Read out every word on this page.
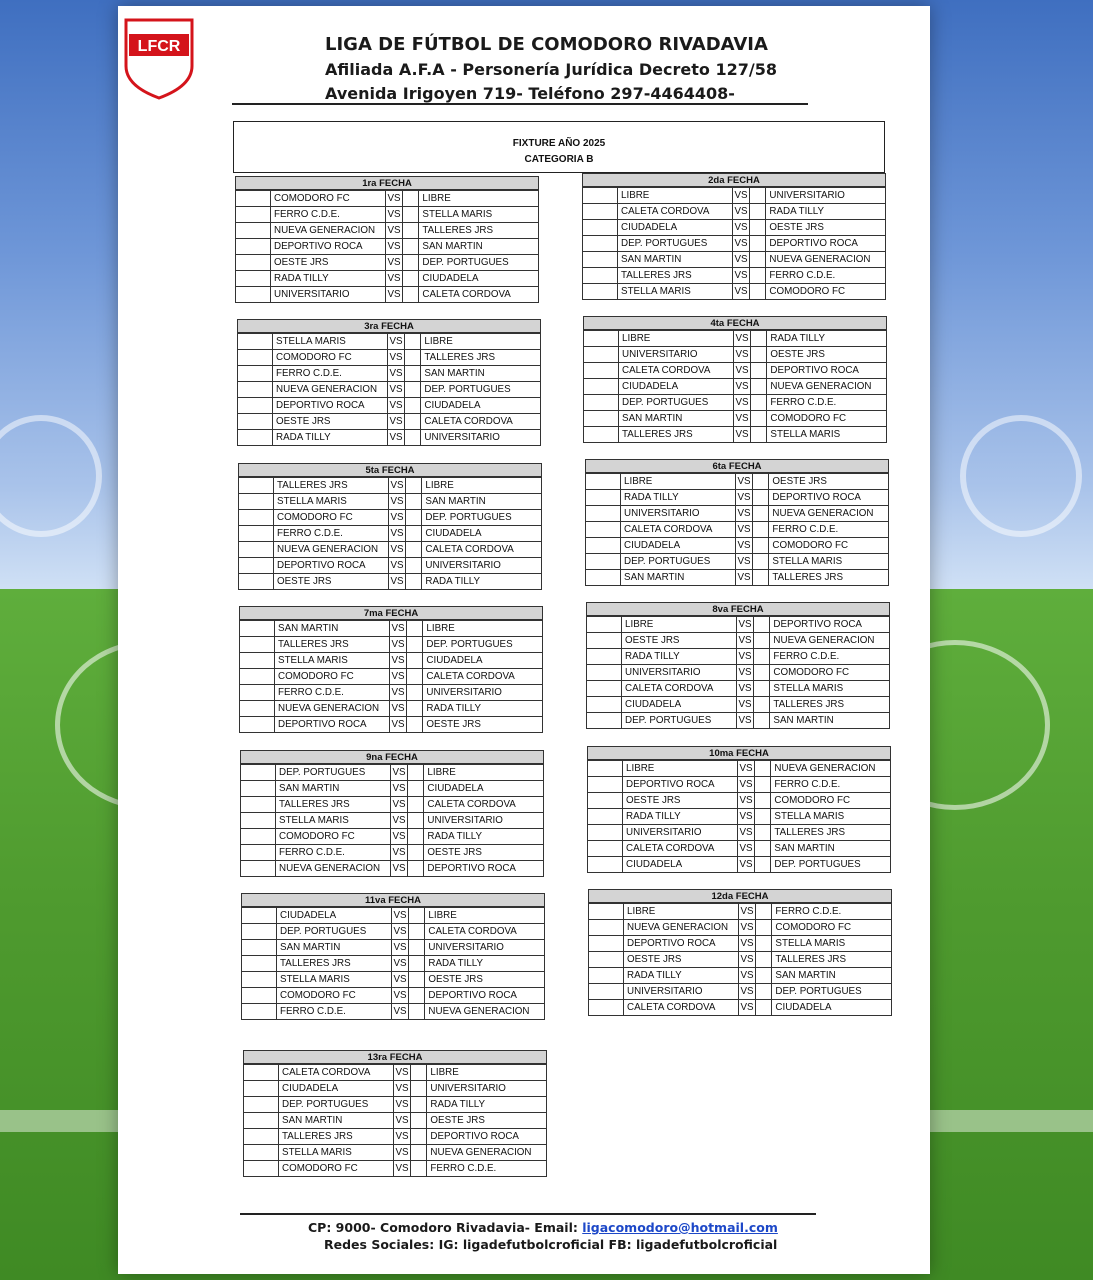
LFCR	LIGA DE FÚTBOL DE COMODORO RIVADAVIA
Afiliada A.F.A - Personería Jurídica Decreto 127/58
Avenida Irigoyen 719- Teléfono 297-4464408-
FIXTURE AÑO 2025
CATEGORIA B
1ra FECHA
	COMODORO FC	VS		LIBRE
	FERRO C.D.E.	VS		STELLA MARIS
	NUEVA GENERACION	VS		TALLERES JRS
	DEPORTIVO ROCA	VS		SAN MARTIN
	OESTE JRS	VS		DEP. PORTUGUES
	RADA TILLY	VS		CIUDADELA
	UNIVERSITARIO	VS		CALETA CORDOVA
2da FECHA
	LIBRE	VS		UNIVERSITARIO
	CALETA CORDOVA	VS		RADA TILLY
	CIUDADELA	VS		OESTE JRS
	DEP. PORTUGUES	VS		DEPORTIVO ROCA
	SAN MARTIN	VS		NUEVA GENERACION
	TALLERES JRS	VS		FERRO C.D.E.
	STELLA MARIS	VS		COMODORO FC
3ra FECHA
	STELLA MARIS	VS		LIBRE
	COMODORO FC	VS		TALLERES JRS
	FERRO C.D.E.	VS		SAN MARTIN
	NUEVA GENERACION	VS		DEP. PORTUGUES
	DEPORTIVO ROCA	VS		CIUDADELA
	OESTE JRS	VS		CALETA CORDOVA
	RADA TILLY	VS		UNIVERSITARIO
4ta FECHA
	LIBRE	VS		RADA TILLY
	UNIVERSITARIO	VS		OESTE JRS
	CALETA CORDOVA	VS		DEPORTIVO ROCA
	CIUDADELA	VS		NUEVA GENERACION
	DEP. PORTUGUES	VS		FERRO C.D.E.
	SAN MARTIN	VS		COMODORO FC
	TALLERES JRS	VS		STELLA MARIS
5ta FECHA
	TALLERES JRS	VS		LIBRE
	STELLA MARIS	VS		SAN MARTIN
	COMODORO FC	VS		DEP. PORTUGUES
	FERRO C.D.E.	VS		CIUDADELA
	NUEVA GENERACION	VS		CALETA CORDOVA
	DEPORTIVO ROCA	VS		UNIVERSITARIO
	OESTE JRS	VS		RADA TILLY
6ta FECHA
	LIBRE	VS		OESTE JRS
	RADA TILLY	VS		DEPORTIVO ROCA
	UNIVERSITARIO	VS		NUEVA GENERACION
	CALETA CORDOVA	VS		FERRO C.D.E.
	CIUDADELA	VS		COMODORO FC
	DEP. PORTUGUES	VS		STELLA MARIS
	SAN MARTIN	VS		TALLERES JRS
7ma FECHA
	SAN MARTIN	VS		LIBRE
	TALLERES JRS	VS		DEP. PORTUGUES
	STELLA MARIS	VS		CIUDADELA
	COMODORO FC	VS		CALETA CORDOVA
	FERRO C.D.E.	VS		UNIVERSITARIO
	NUEVA GENERACION	VS		RADA TILLY
	DEPORTIVO ROCA	VS		OESTE JRS
8va FECHA
	LIBRE	VS		DEPORTIVO ROCA
	OESTE JRS	VS		NUEVA GENERACION
	RADA TILLY	VS		FERRO C.D.E.
	UNIVERSITARIO	VS		COMODORO FC
	CALETA CORDOVA	VS		STELLA MARIS
	CIUDADELA	VS		TALLERES JRS
	DEP. PORTUGUES	VS		SAN MARTIN
9na FECHA
	DEP. PORTUGUES	VS		LIBRE
	SAN MARTIN	VS		CIUDADELA
	TALLERES JRS	VS		CALETA CORDOVA
	STELLA MARIS	VS		UNIVERSITARIO
	COMODORO FC	VS		RADA TILLY
	FERRO C.D.E.	VS		OESTE JRS
	NUEVA GENERACION	VS		DEPORTIVO ROCA
10ma FECHA
	LIBRE	VS		NUEVA GENERACION
	DEPORTIVO ROCA	VS		FERRO C.D.E.
	OESTE JRS	VS		COMODORO FC
	RADA TILLY	VS		STELLA MARIS
	UNIVERSITARIO	VS		TALLERES JRS
	CALETA CORDOVA	VS		SAN MARTIN
	CIUDADELA	VS		DEP. PORTUGUES
11va FECHA
	CIUDADELA	VS		LIBRE
	DEP. PORTUGUES	VS		CALETA CORDOVA
	SAN MARTIN	VS		UNIVERSITARIO
	TALLERES JRS	VS		RADA TILLY
	STELLA MARIS	VS		OESTE JRS
	COMODORO FC	VS		DEPORTIVO ROCA
	FERRO C.D.E.	VS		NUEVA GENERACION
12da FECHA
	LIBRE	VS		FERRO C.D.E.
	NUEVA GENERACION	VS		COMODORO FC
	DEPORTIVO ROCA	VS		STELLA MARIS
	OESTE JRS	VS		TALLERES JRS
	RADA TILLY	VS		SAN MARTIN
	UNIVERSITARIO	VS		DEP. PORTUGUES
	CALETA CORDOVA	VS		CIUDADELA
13ra FECHA
	CALETA CORDOVA	VS		LIBRE
	CIUDADELA	VS		UNIVERSITARIO
	DEP. PORTUGUES	VS		RADA TILLY
	SAN MARTIN	VS		OESTE JRS
	TALLERES JRS	VS		DEPORTIVO ROCA
	STELLA MARIS	VS		NUEVA GENERACION
	COMODORO FC	VS		FERRO C.D.E.
CP: 9000- Comodoro Rivadavia- Email: ligacomodoro@hotmail.com
Redes Sociales: IG: ligadefutbolcroficial FB: ligadefutbolcroficial
